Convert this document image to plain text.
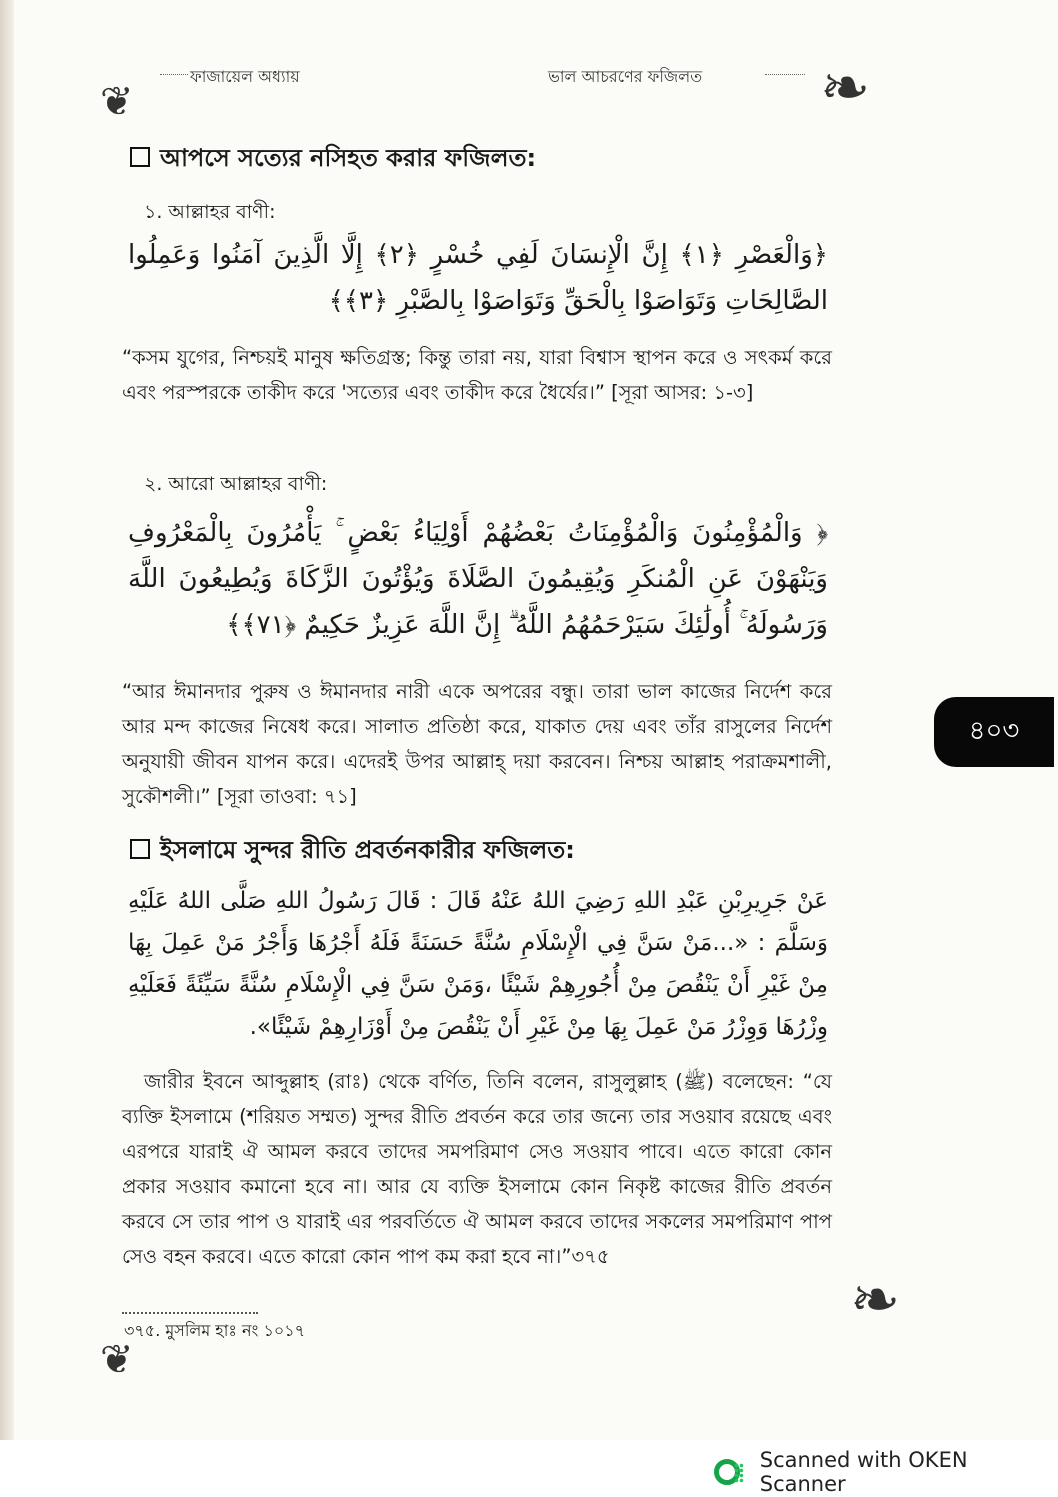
❦
ফাজায়েল অধ্যায়	ভাল আচরণের ফজিলত ❧
আপসে সত্যের নসিহত করার ফজিলত:
১. আল্লাহর বাণী:
﴿وَالْعَصْرِ ﴿١﴾ إِنَّ الْإِنسَانَ لَفِي خُسْرٍ ﴿٢﴾ إِلَّا الَّذِينَ آمَنُوا وَعَمِلُوا الصَّالِحَاتِ وَتَوَاصَوْا بِالْحَقِّ وَتَوَاصَوْا بِالصَّبْرِ ﴿٣﴾﴾
“কসম যুগের, নিশ্চয়ই মানুষ ক্ষতিগ্রস্ত; কিন্তু তারা নয়, যারা বিশ্বাস স্থাপন করে ও সৎকর্ম করে এবং পরস্পরকে তাকীদ করে 'সত্যের এবং তাকীদ করে ধৈর্যের।” [সূরা আসর: ১-৩]
২. আরো আল্লাহর বাণী:
﴿ وَالْمُؤْمِنُونَ وَالْمُؤْمِنَاتُ بَعْضُهُمْ أَوْلِيَاءُ بَعْضٍ ۚ يَأْمُرُونَ بِالْمَعْرُوفِ وَيَنْهَوْنَ عَنِ الْمُنكَرِ وَيُقِيمُونَ الصَّلَاةَ وَيُؤْتُونَ الزَّكَاةَ وَيُطِيعُونَ اللَّهَ وَرَسُولَهُ ۚ أُولَٰئِكَ سَيَرْحَمُهُمُ اللَّهُ ۗ إِنَّ اللَّهَ عَزِيزٌ حَكِيمٌ ﴿٧١﴾﴾
“আর ঈমানদার পুরুষ ও ঈমানদার নারী একে অপরের বন্ধু। তারা ভাল কাজের নির্দেশ করে আর মন্দ কাজের নিষেধ করে। সালাত প্রতিষ্ঠা করে, যাকাত দেয় এবং তাঁর রাসুলের নির্দেশ অনুযায়ী জীবন যাপন করে। এদেরই উপর আল্লাহ্ দয়া করবেন। নিশ্চয় আল্লাহ পরাক্রমশালী, সুকৌশলী।” [সূরা তাওবা: ৭১]
ইসলামে সুন্দর রীতি প্রবর্তনকারীর ফজিলত:
عَنْ جَرِيرِبْنِ عَبْدِ اللهِ رَضِيَ اللهُ عَنْهُ قَالَ : قَالَ رَسُولُ اللهِ صَلَّى اللهُ عَلَيْهِ وَسَلَّمَ : «...مَنْ سَنَّ فِي الْإِسْلَامِ سُنَّةً حَسَنَةً فَلَهُ أَجْرُهَا وَأَجْرُ مَنْ عَمِلَ بِهَا مِنْ غَيْرِ أَنْ يَنْقُصَ مِنْ أُجُورِهِمْ شَيْئًا ،وَمَنْ سَنَّ فِي الْإِسْلَامِ سُنَّةً سَيِّئَةً فَعَلَيْهِ وِزْرُهَا وَوِزْرُ مَنْ عَمِلَ بِهَا مِنْ غَيْرِ أَنْ يَنْقُصَ مِنْ أَوْزَارِهِمْ شَيْئًا».
জারীর ইবনে আব্দুল্লাহ (রাঃ) থেকে বর্ণিত, তিনি বলেন, রাসুলুল্লাহ (ﷺ) বলেছেন: “যে ব্যক্তি ইসলামে (শরিয়ত সম্মত) সুন্দর রীতি প্রবর্তন করে তার জন্যে তার সওয়াব রয়েছে এবং এরপরে যারাই ঐ আমল করবে তাদের সমপরিমাণ সেও সওয়াব পাবে। এতে কারো কোন প্রকার সওয়াব কমানো হবে না। আর যে ব্যক্তি ইসলামে কোন নিকৃষ্ট কাজের রীতি প্রবর্তন করবে সে তার পাপ ও যারাই এর পরবর্তিতে ঐ আমল করবে তাদের সকলের সমপরিমাণ পাপ সেও বহন করবে। এতে কারো কোন পাপ কম করা হবে না।”৩৭৫
৪০৩
৩৭৫. মুসলিম হাঃ নং ১০১৭
❦
❧
Scanned with OKEN Scanner
